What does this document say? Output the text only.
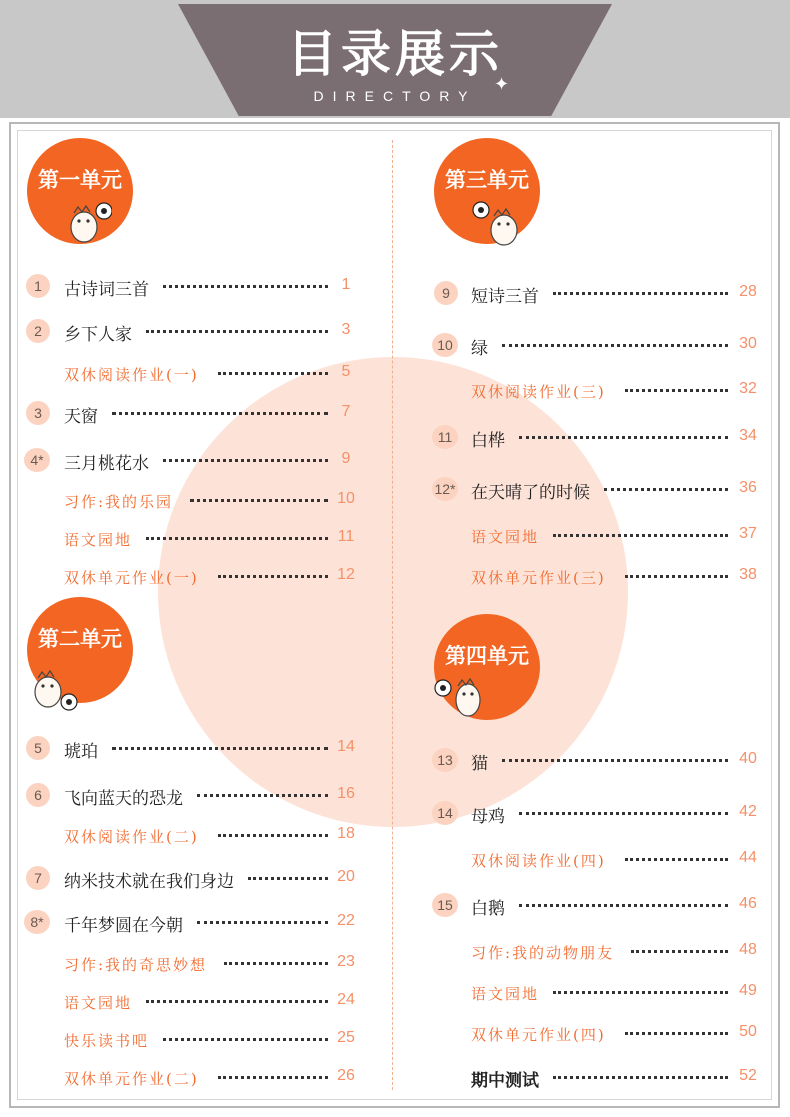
目录展示
DIRECTORY
✦
第一单元
第二单元
第三单元
第四单元
1	古诗词三首	1
2	乡下人家	3
双休阅读作业(一)	5
3	天窗	7
4*	三月桃花水	9
习作:我的乐园	10
语文园地	11
双休单元作业(一)	12
5	琥珀	14
6	飞向蓝天的恐龙	16
双休阅读作业(二)	18
7	纳米技术就在我们身边	20
8*	千年梦圆在今朝	22
习作:我的奇思妙想	23
语文园地	24
快乐读书吧	25
双休单元作业(二)	26
9	短诗三首	28
10	绿	30
双休阅读作业(三)	32
11	白桦	34
12* 在天晴了的时候	36
语文园地	37
双休单元作业(三)	38
13	猫	40
14	母鸡	42
双休阅读作业(四)	44
15	白鹅	46
习作:我的动物朋友	48
语文园地	49
双休单元作业(四)	50
期中测试	52
